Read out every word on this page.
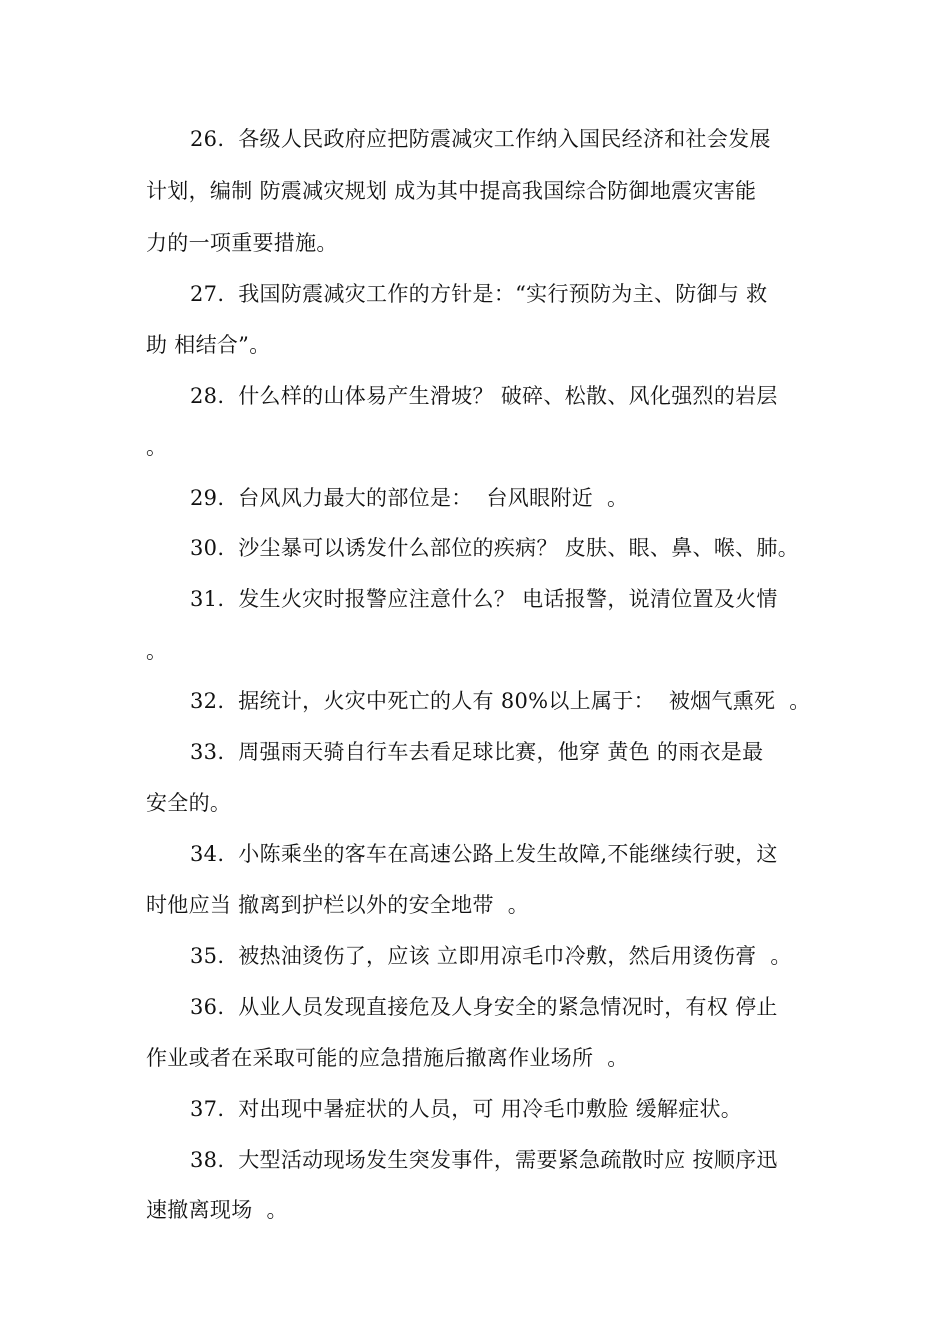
26.  各级人民政府应把防震减灾工作纳入国民经济和社会发展
计划，编制 防震减灾规划 成为其中提高我国综合防御地震灾害能
力的一项重要措施。
27.  我国防震减灾工作的方针是：“实行预防为主、防御与 救
助 相结合”。
28.  什么样的山体易产生滑坡？ 破碎、松散、风化强烈的岩层
。
29.  台风风力最大的部位是：  台风眼附近  。
30.  沙尘暴可以诱发什么部位的疾病？ 皮肤、眼、鼻、喉、肺。
31.  发生火灾时报警应注意什么？ 电话报警，说清位置及火情
。
32.  据统计，火灾中死亡的人有 80%以上属于：  被烟气熏死  。
33.  周强雨天骑自行车去看足球比赛，他穿 黄色 的雨衣是最
安全的。
34.  小陈乘坐的客车在高速公路上发生故障,不能继续行驶，这
时他应当 撤离到护栏以外的安全地带  。
35.  被热油烫伤了，应该 立即用凉毛巾冷敷，然后用烫伤膏  。
36.  从业人员发现直接危及人身安全的紧急情况时，有权 停止
作业或者在采取可能的应急措施后撤离作业场所  。
37.  对出现中暑症状的人员，可 用冷毛巾敷脸 缓解症状。
38.  大型活动现场发生突发事件，需要紧急疏散时应 按顺序迅
速撤离现场  。
